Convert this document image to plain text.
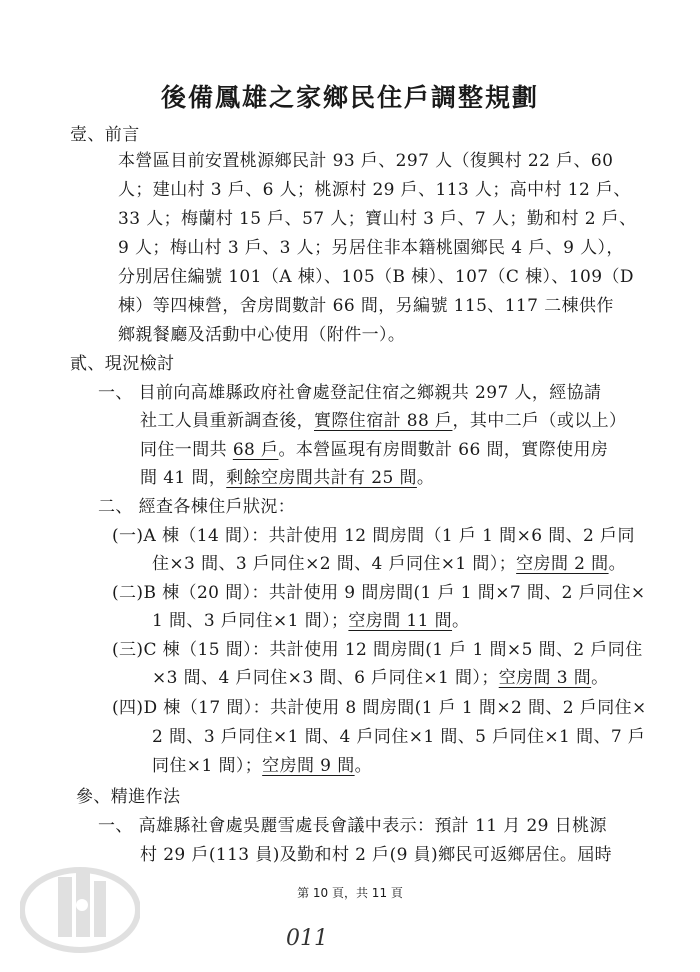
後備鳳雄之家鄉民住戶調整規劃
壹、前言
本營區目前安置桃源鄉民計 93 戶、297 人（復興村 22 戶、60
人；建山村 3 戶、6 人；桃源村 29 戶、113 人；高中村 12 戶、
33 人；梅蘭村 15 戶、57 人；寶山村 3 戶、7 人；勤和村 2 戶、
9 人；梅山村 3 戶、3 人；另居住非本籍桃園鄉民 4 戶、9 人），
分別居住編號 101（A 棟）、105（B 棟）、107（C 棟）、109（D
棟）等四棟營，舍房間數計 66 間，另編號 115、117 二棟供作
鄉親餐廳及活動中心使用（附件一）。
貳、現況檢討
一、 目前向高雄縣政府社會處登記住宿之鄉親共 297 人，經協請
社工人員重新調查後，實際住宿計 88 戶，其中二戶（或以上）
同住一間共 68 戶。本營區現有房間數計 66 間，實際使用房
間 41 間，剩餘空房間共計有 25 間。
二、 經查各棟住戶狀況：
(一)A 棟（14 間）：共計使用 12 間房間（1 戶 1 間×6 間、2 戶同
住×3 間、3 戶同住×2 間、4 戶同住×1 間）；空房間 2 間。
(二)B 棟（20 間）：共計使用 9 間房間(1 戶 1 間×7 間、2 戶同住×
1 間、3 戶同住×1 間）；空房間 11 間。
(三)C 棟（15 間）：共計使用 12 間房間(1 戶 1 間×5 間、2 戶同住
×3 間、4 戶同住×3 間、6 戶同住×1 間）；空房間 3 間。
(四)D 棟（17 間）：共計使用 8 間房間(1 戶 1 間×2 間、2 戶同住×
2 間、3 戶同住×1 間、4 戶同住×1 間、5 戶同住×1 間、7 戶
同住×1 間）；空房間 9 間。
參、精進作法
一、 高雄縣社會處吳麗雪處長會議中表示：預計 11 月 29 日桃源
村 29 戶(113 員)及勤和村 2 戶(9 員)鄉民可返鄉居住。屆時
第 10 頁，共 11 頁
011
